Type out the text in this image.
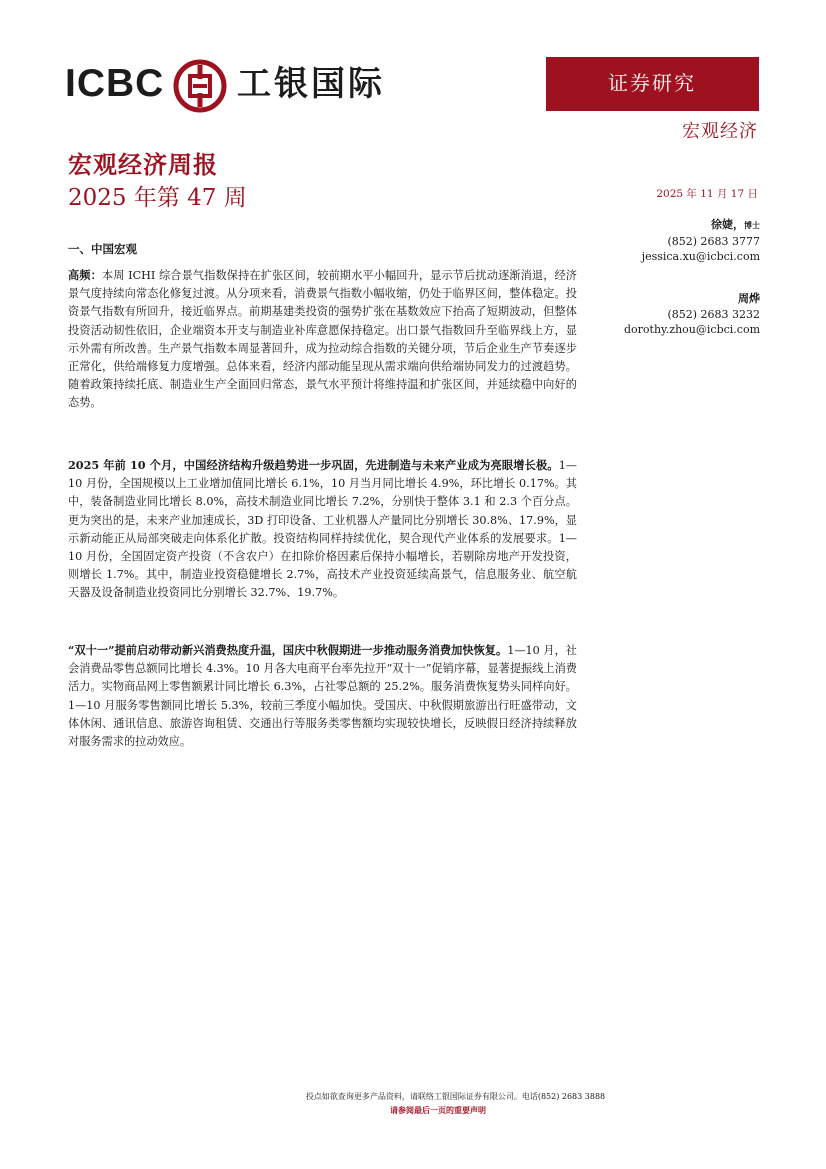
ICBC 工银国际	证券研究
宏观经济
宏观经济周报
2025 年第 47 周	2025 年 11 月 17 日
徐婕，博士
(852) 2683 3777
jessica.xu@icbci.com
周烨
(852) 2683 3232
dorothy.zhou@icbci.com
一、中国宏观
高频：本周 ICHI 综合景气指数保持在扩张区间，较前期水平小幅回升，显示节后扰动逐渐消退，经济景气度持续向常态化修复过渡。从分项来看，消费景气指数小幅收缩，仍处于临界区间，整体稳定。投资景气指数有所回升，接近临界点。前期基建类投资的强势扩张在基数效应下抬高了短期波动，但整体投资活动韧性依旧，企业端资本开支与制造业补库意愿保持稳定。出口景气指数回升至临界线上方，显示外需有所改善。生产景气指数本周显著回升，成为拉动综合指数的关键分项，节后企业生产节奏逐步正常化，供给端修复力度增强。总体来看，经济内部动能呈现从需求端向供给端协同发力的过渡趋势。随着政策持续托底、制造业生产全面回归常态，景气水平预计将维持温和扩张区间，并延续稳中向好的态势。
2025 年前 10 个月，中国经济结构升级趋势进一步巩固，先进制造与未来产业成为亮眼增长极。1—10 月份，全国规模以上工业增加值同比增长 6.1%，10 月当月同比增长 4.9%，环比增长 0.17%。其中，装备制造业同比增长 8.0%，高技术制造业同比增长 7.2%，分别快于整体 3.1 和 2.3 个百分点。更为突出的是，未来产业加速成长，3D 打印设备、工业机器人产量同比分别增长 30.8%、17.9%，显示新动能正从局部突破走向体系化扩散。投资结构同样持续优化，契合现代产业体系的发展要求。1—10 月份，全国固定资产投资（不含农户）在扣除价格因素后保持小幅增长，若剔除房地产开发投资，则增长 1.7%。其中，制造业投资稳健增长 2.7%，高技术产业投资延续高景气，信息服务业、航空航天器及设备制造业投资同比分别增长 32.7%、19.7%。
“双十一”提前启动带动新兴消费热度升温，国庆中秋假期进一步推动服务消费加快恢复。1—10 月，社会消费品零售总额同比增长 4.3%。10 月各大电商平台率先拉开“双十一”促销序幕，显著提振线上消费活力。实物商品网上零售额累计同比增长 6.3%，占社零总额的 25.2%。服务消费恢复势头同样向好。1—10 月服务零售额同比增长 5.3%，较前三季度小幅加快。受国庆、中秋假期旅游出行旺盛带动，文体休闲、通讯信息、旅游咨询租赁、交通出行等服务类零售额均实现较快增长，反映假日经济持续释放对服务需求的拉动效应。
投点如欲查询更多产品资料，请联络工银国际证券有限公司。电话(852) 2683 3888
请参阅最后一页的重要声明
